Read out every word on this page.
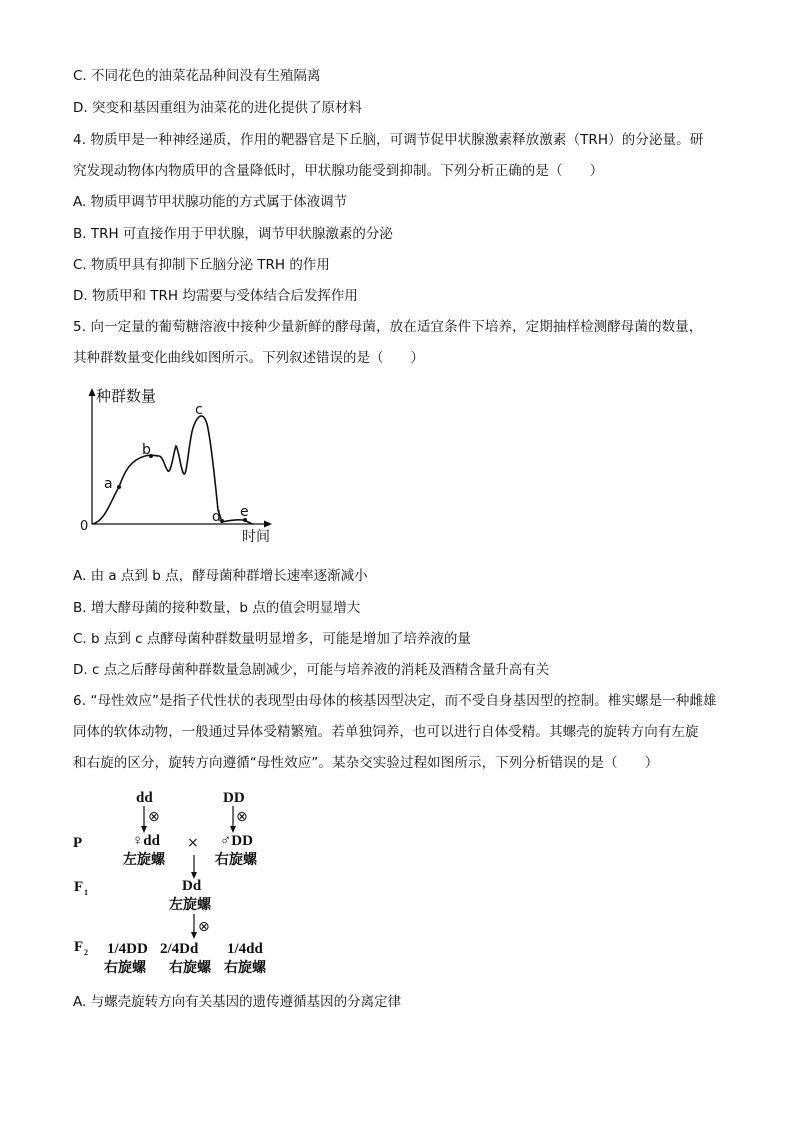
C. 不同花色的油菜花品种间没有生殖隔离
D. 突变和基因重组为油菜花的进化提供了原材料
4. 物质甲是一种神经递质，作用的靶器官是下丘脑，可调节促甲状腺激素释放激素（TRH）的分泌量。研
究发现动物体内物质甲的含量降低时，甲状腺功能受到抑制。下列分析正确的是（　　）
A. 物质甲调节甲状腺功能的方式属于体液调节
B. TRH 可直接作用于甲状腺，调节甲状腺激素的分泌
C. 物质甲具有抑制下丘脑分泌 TRH 的作用
D. 物质甲和 TRH 均需要与受体结合后发挥作用
5. 向一定量的葡萄糖溶液中接种少量新鲜的酵母菌，放在适宜条件下培养，定期抽样检测酵母菌的数量，
其种群数量变化曲线如图所示。下列叙述错误的是（　　）
种群数量
时间
0
a
b
c
d e
A. 由 a 点到 b 点，酵母菌种群增长速率逐渐减小
B. 增大酵母菌的接种数量，b 点的值会明显增大
C. b 点到 c 点酵母菌种群数量明显增多，可能是增加了培养液的量
D. c 点之后酵母菌种群数量急剧减少，可能与培养液的消耗及酒精含量升高有关
6. “母性效应”是指子代性状的表现型由母体的核基因型决定，而不受自身基因型的控制。椎实螺是一种雌雄
同体的软体动物，一般通过异体受精繁殖。若单独饲养，也可以进行自体受精。其螺壳的旋转方向有左旋
和右旋的区分，旋转方向遵循“母性效应”。某杂交实验过程如图所示，下列分析错误的是（　　）
dd	DD
⊗	⊗
P	♀dd × ♂DD
左旋螺	右旋螺
F 1	Dd
左旋螺
⊗
F 2 1/4DD 2/4Dd 1/4dd
右旋螺 右旋螺 右旋螺
A. 与螺壳旋转方向有关基因的遗传遵循基因的分离定律
